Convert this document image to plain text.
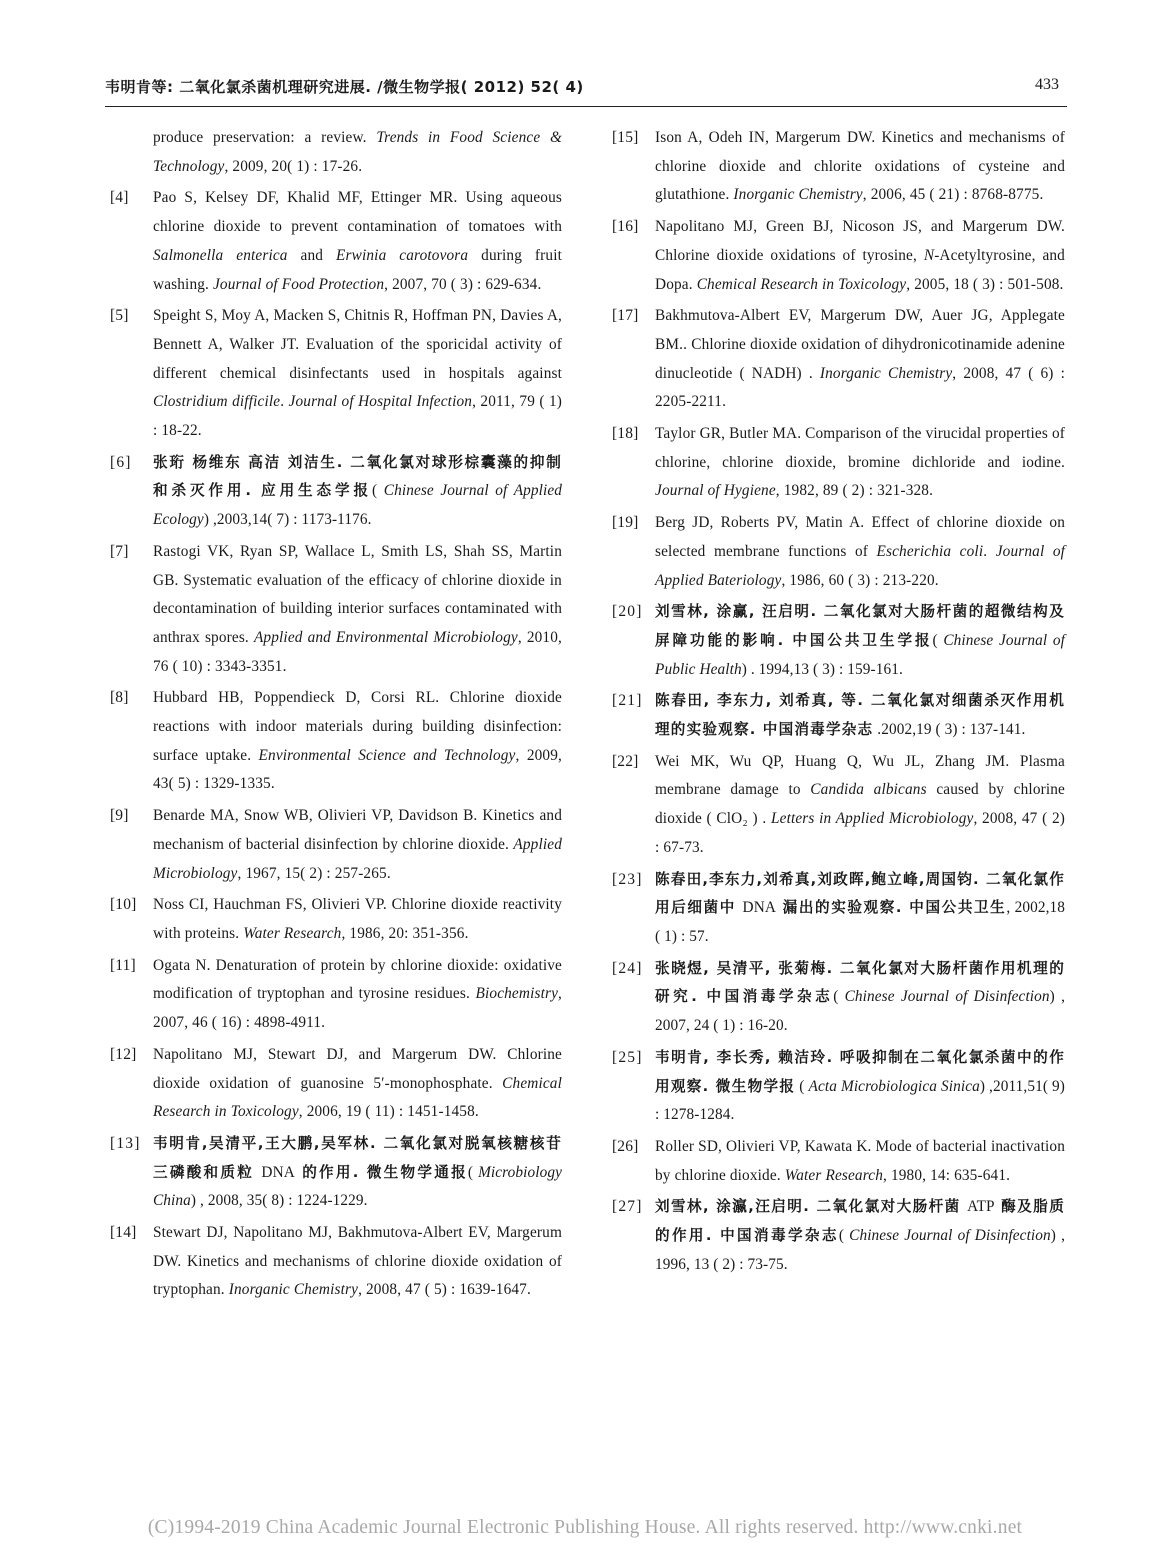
韦明肯等: 二氧化氯杀菌机理研究进展. /微生物学报( 2012) 52( 4)	433
produce preservation: a review. Trends in Food Science & Technology, 2009, 20( 1) : 17-26.
[4] Pao S, Kelsey DF, Khalid MF, Ettinger MR. Using aqueous chlorine dioxide to prevent contamination of tomatoes with Salmonella enterica and Erwinia carotovora during fruit washing. Journal of Food Protection, 2007, 70 ( 3) : 629-634.
[5] Speight S, Moy A, Macken S, Chitnis R, Hoffman PN, Davies A, Bennett A, Walker JT. Evaluation of the sporicidal activity of different chemical disinfectants used in hospitals against Clostridium difficile. Journal of Hospital Infection, 2011, 79 ( 1) : 18-22.
[6] 张珩 杨维东 高洁 刘洁生. 二氧化氯对球形棕囊藻的抑制和杀灭作用. 应用生态学报( Chinese Journal of Applied Ecology) ,2003,14( 7) : 1173-1176.
[7] Rastogi VK, Ryan SP, Wallace L, Smith LS, Shah SS, Martin GB. Systematic evaluation of the efficacy of chlorine dioxide in decontamination of building interior surfaces contaminated with anthrax spores. Applied and Environmental Microbiology, 2010, 76 ( 10) : 3343-3351.
[8] Hubbard HB, Poppendieck D, Corsi RL. Chlorine dioxide reactions with indoor materials during building disinfection: surface uptake. Environmental Science and Technology, 2009, 43( 5) : 1329-1335.
[9] Benarde MA, Snow WB, Olivieri VP, Davidson B. Kinetics and mechanism of bacterial disinfection by chlorine dioxide. Applied Microbiology, 1967, 15( 2) : 257-265.
[10] Noss CI, Hauchman FS, Olivieri VP. Chlorine dioxide reactivity with proteins. Water Research, 1986, 20: 351-356.
[11] Ogata N. Denaturation of protein by chlorine dioxide: oxidative modification of tryptophan and tyrosine residues. Biochemistry, 2007, 46 ( 16) : 4898-4911.
[12] Napolitano MJ, Stewart DJ, and Margerum DW. Chlorine dioxide oxidation of guanosine 5′-monophosphate. Chemical Research in Toxicology, 2006, 19 ( 11) : 1451-1458.
[13] 韦明肯,吴清平,王大鹏,吴军林. 二氧化氯对脱氧核糖核苷三磷酸和质粒 DNA 的作用. 微生物学通报( Microbiology China) , 2008, 35( 8) : 1224-1229.
[14] Stewart DJ, Napolitano MJ, Bakhmutova-Albert EV, Margerum DW. Kinetics and mechanisms of chlorine dioxide oxidation of tryptophan. Inorganic Chemistry, 2008, 47 ( 5) : 1639-1647.
[15] Ison A, Odeh IN, Margerum DW. Kinetics and mechanisms of chlorine dioxide and chlorite oxidations of cysteine and glutathione. Inorganic Chemistry, 2006, 45 ( 21) : 8768-8775.
[16] Napolitano MJ, Green BJ, Nicoson JS, and Margerum DW. Chlorine dioxide oxidations of tyrosine, N-Acetyltyrosine, and Dopa. Chemical Research in Toxicology, 2005, 18 ( 3) : 501-508.
[17] Bakhmutova-Albert EV, Margerum DW, Auer JG, Applegate BM.. Chlorine dioxide oxidation of dihydronicotinamide adenine dinucleotide ( NADH) . Inorganic Chemistry, 2008, 47 ( 6) : 2205-2211.
[18] Taylor GR, Butler MA. Comparison of the virucidal properties of chlorine, chlorine dioxide, bromine dichloride and iodine. Journal of Hygiene, 1982, 89 ( 2) : 321-328.
[19] Berg JD, Roberts PV, Matin A. Effect of chlorine dioxide on selected membrane functions of Escherichia coli. Journal of Applied Bateriology, 1986, 60 ( 3) : 213-220.
[20] 刘雪林, 涂赢, 汪启明. 二氧化氯对大肠杆菌的超微结构及屏障功能的影响. 中国公共卫生学报( Chinese Journal of Public Health) . 1994,13 ( 3) : 159-161.
[21] 陈春田, 李东力, 刘希真, 等. 二氧化氯对细菌杀灭作用机理的实验观察. 中国消毒学杂志 .2002,19 ( 3) : 137-141.
[22] Wei MK, Wu QP, Huang Q, Wu JL, Zhang JM. Plasma membrane damage to Candida albicans caused by chlorine dioxide ( ClO₂ ) . Letters in Applied Microbiology, 2008, 47 ( 2) : 67-73.
[23] 陈春田,李东力,刘希真,刘政晖,鲍立峰,周国钧. 二氧化氯作用后细菌中 DNA 漏出的实验观察. 中国公共卫生, 2002,18 ( 1) : 57.
[24] 张晓煜, 吴清平, 张菊梅. 二氧化氯对大肠杆菌作用机理的研究. 中国消毒学杂志( Chinese Journal of Disinfection) , 2007, 24 ( 1) : 16-20.
[25] 韦明肯, 李长秀, 赖洁玲. 呼吸抑制在二氧化氯杀菌中的作用观察. 微生物学报 ( Acta Microbiologica Sinica) ,2011,51( 9) : 1278-1284.
[26] Roller SD, Olivieri VP, Kawata K. Mode of bacterial inactivation by chlorine dioxide. Water Research, 1980, 14: 635-641.
[27] 刘雪林, 涂瀛,汪启明. 二氧化氯对大肠杆菌 ATP 酶及脂质的作用. 中国消毒学杂志( Chinese Journal of Disinfection) , 1996, 13 ( 2) : 73-75.
(C)1994-2019 China Academic Journal Electronic Publishing House. All rights reserved. http://www.cnki.net
